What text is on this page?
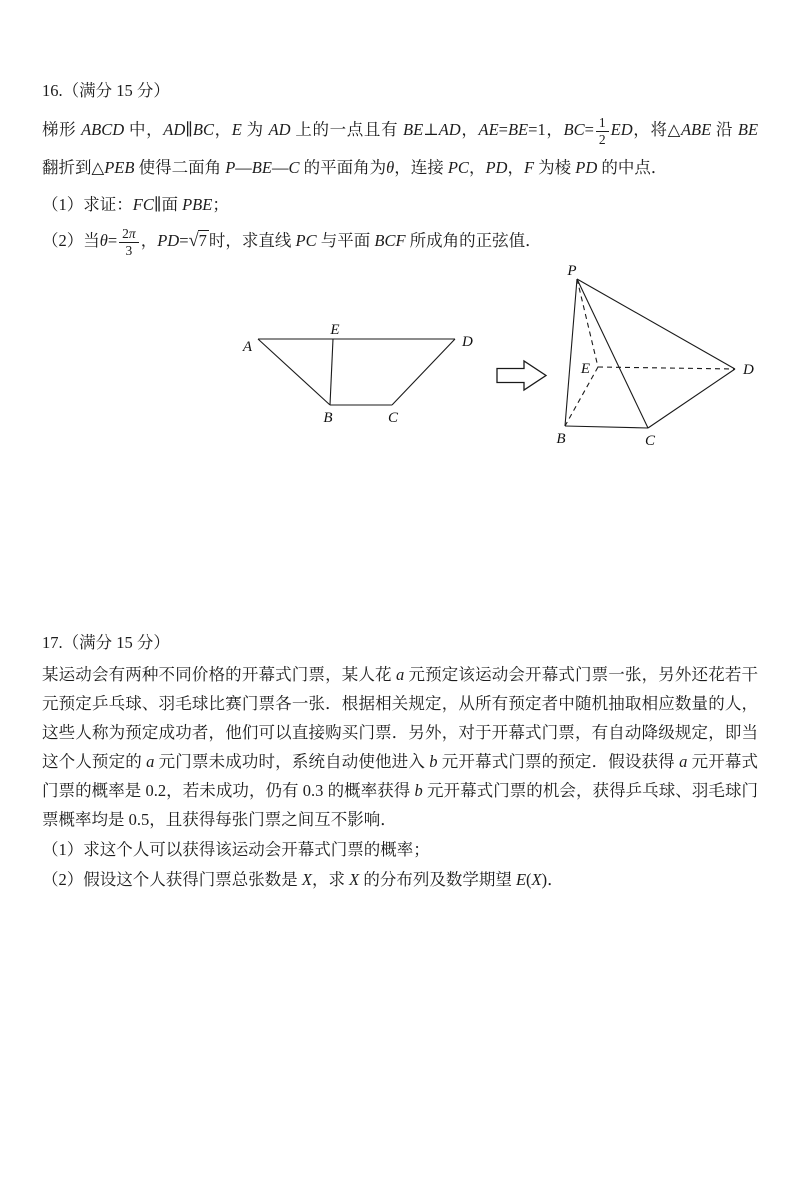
16.（满分 15 分）

梯形 ABCD 中，AD∥BC，E 为 AD 上的一点且有 BE⊥AD，AE=BE=1，$BC= \frac{1}{2}$ ED，将△ABE 沿 BE 翻折到△PEB 使得二面角 P—BE—C 的平面角为θ，连接 PC，PD，F 为棱 PD 的中点．

（1）求证：FC∥面 PBE；

（2）当$\theta= \frac{2\pi}{3}$ ，PD=√7 时，求直线 PC 与平面 BCF 所成角的正弦值．

A
E
D
B	C
P
E	D
B	C

17.（满分 15 分）

某运动会有两种不同价格的开幕式门票，某人花 a 元预定该运动会开幕式门票一张，另外还花若干元预定乒乓球、羽毛球比赛门票各一张．根据相关规定，从所有预定者中随机抽取相应数量的人，这些人称为预定成功者，他们可以直接购买门票．另外，对于开幕式门票，有自动降级规定，即当这个人预定的 a 元门票未成功时，系统自动使他进入 b 元开幕式门票的预定．假设获得 a 元开幕式门票的概率是 0.2，若未成功，仍有 0.3 的概率获得 b 元开幕式门票的机会，获得乒乓球、羽毛球门票概率均是 0.5，且获得每张门票之间互不影响．

（1）求这个人可以获得该运动会开幕式门票的概率；

（2）假设这个人获得门票总张数是 X，求 X 的分布列及数学期望 E(X)．
